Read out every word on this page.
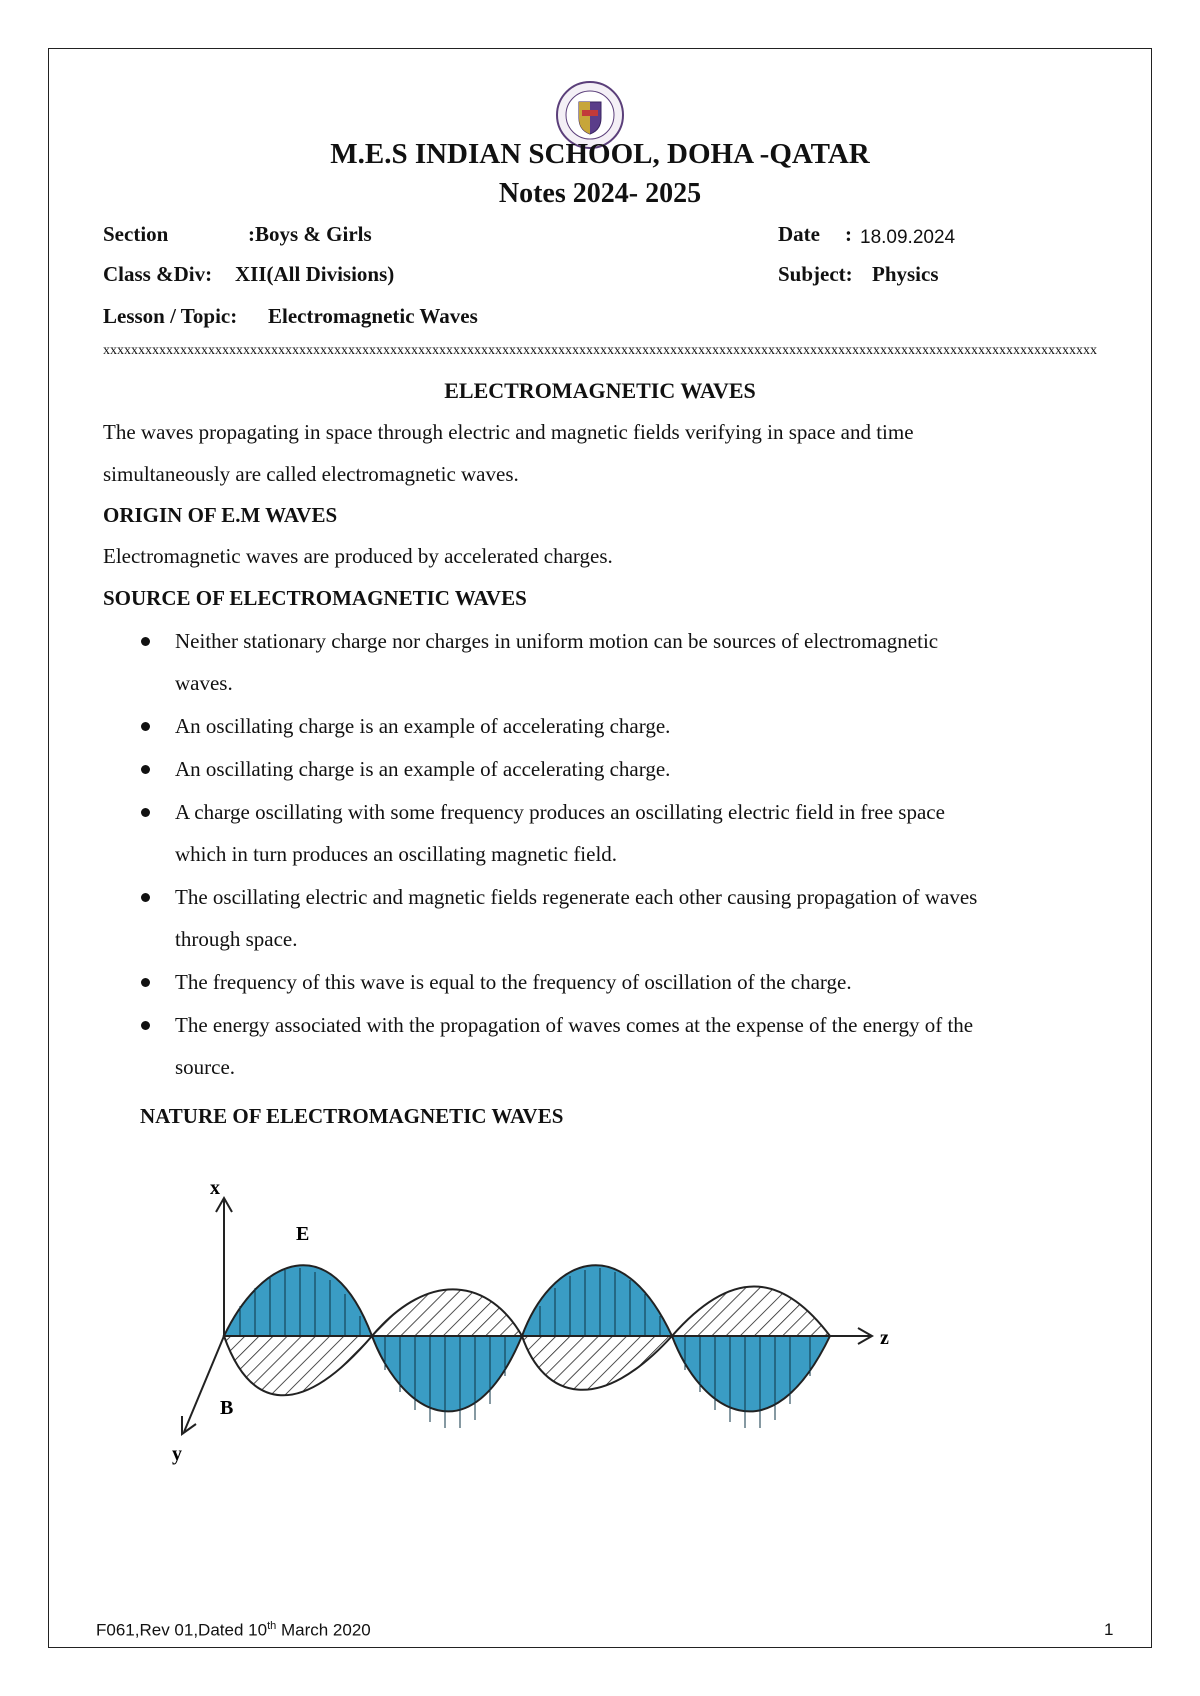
M.E.S INDIAN SCHOOL, DOHA -QATAR
Notes 2024- 2025
Section	:Boys & Girls	Date : 18.09.2024
Class &Div: XII(All Divisions)	Subject: Physics
Lesson / Topic: Electromagnetic Waves
xxxxxxxxxxxxxxxxxxxxxxxxxxxxxxxxxxxxxxxxxxxxxxxxxxxxxxxxxxxxxxxxxxxxxxxxxxxxxxxxxxxxxxxxxxxxxxxxxxxxxxxxxxxxxxxxxxxxxxxxxxxxxxxxxxxxxxxxxxxxxx
ELECTROMAGNETIC WAVES
The waves propagating in space through electric and magnetic fields verifying in space and time
simultaneously are called electromagnetic waves.
ORIGIN OF E.M WAVES
Electromagnetic waves are produced by accelerated charges.
SOURCE OF ELECTROMAGNETIC WAVES
Neither stationary charge nor charges in uniform motion can be sources of electromagnetic
waves.
An oscillating charge is an example of accelerating charge.
An oscillating charge is an example of accelerating charge.
A charge oscillating with some frequency produces an oscillating electric field in free space
which in turn produces an oscillating magnetic field.
The oscillating electric and magnetic fields regenerate each other causing propagation of waves
through space.
The frequency of this wave is equal to the frequency of oscillation of the charge.
The energy associated with the propagation of waves comes at the expense of the energy of the
source.
NATURE OF ELECTROMAGNETIC WAVES
x
z
y
E
B
F061,Rev 01,Dated 10th March 2020	1
